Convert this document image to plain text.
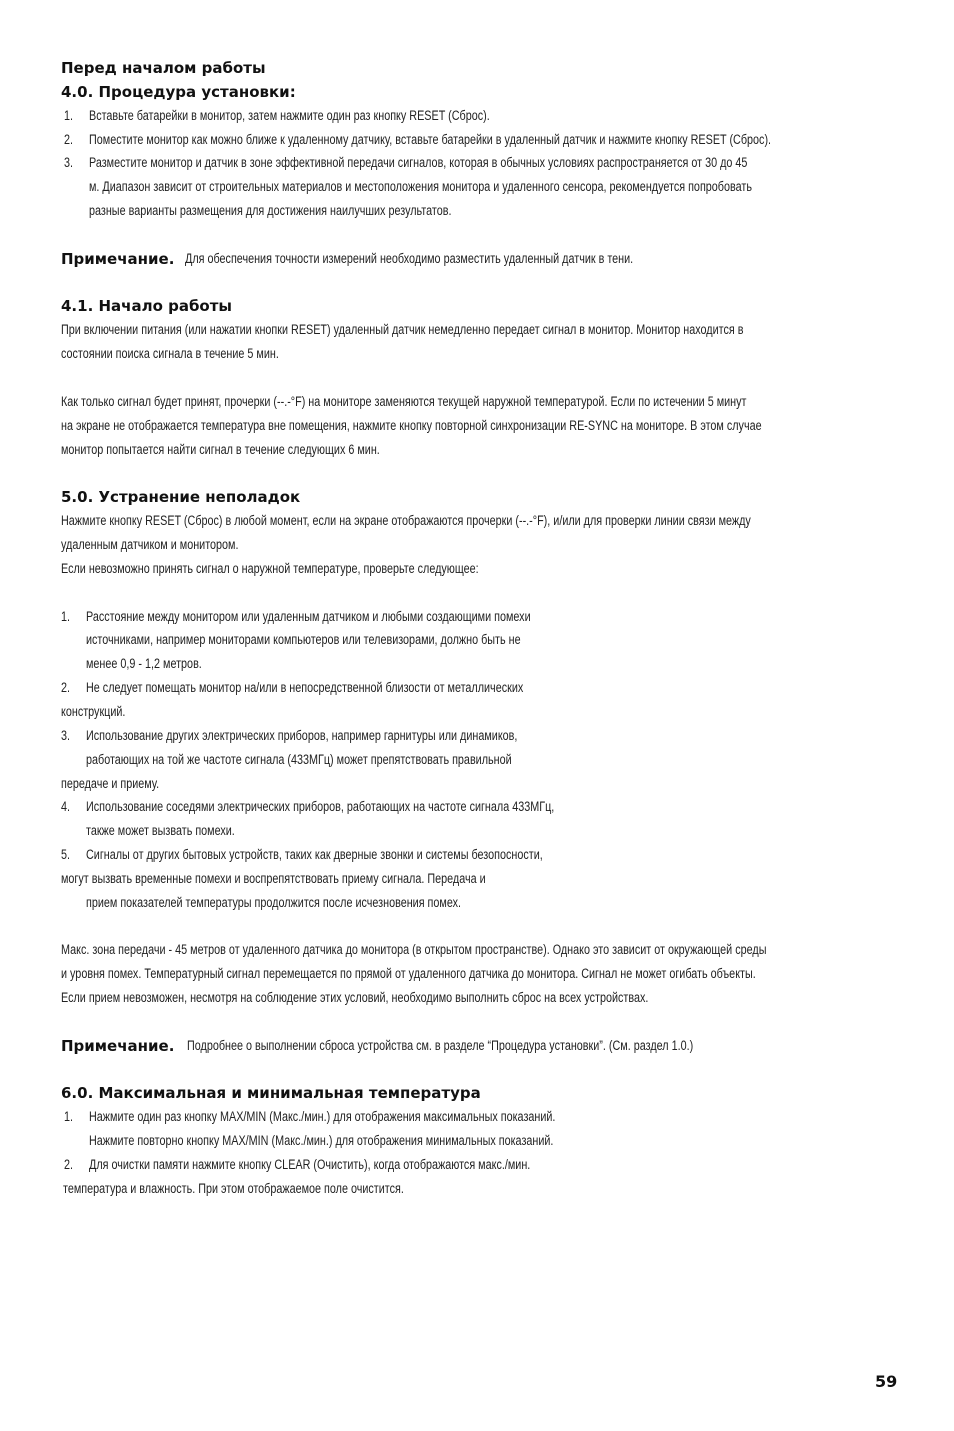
Перед началом работы
4.0. Процедура установки:
1. Вставьте батарейки в монитор, затем нажмите один раз кнопку RESET (Сброс).
2. Поместите монитор как можно ближе к удаленному датчику, вставьте батарейки в удаленный датчик и нажмите кнопку RESET (Сброс).
3. Разместите монитор и датчик в зоне эффективной передачи сигналов, которая в обычных условиях распространяется от 30 до 45
м. Диапазон зависит от строительных материалов и местоположения монитора и удаленного сенсора, рекомендуется попробовать
разные варианты размещения для достижения наилучших результатов.
Примечание. Для обеспечения точности измерений необходимо разместить удаленный датчик в тени.
4.1. Начало работы
При включении питания (или нажатии кнопки RESET) удаленный датчик немедленно передает сигнал в монитор. Монитор находится в
состоянии поиска сигнала в течение 5 мин.
Как только сигнал будет принят, прочерки (--.-°F) на мониторе заменяются текущей наружной температурой. Если по истечении 5 минут
на экране не отображается температура вне помещения, нажмите кнопку повторной синхронизации RE-SYNC на мониторе. В этом случае
монитор попытается найти сигнал в течение следующих 6 мин.
5.0. Устранение неполадок
Нажмите кнопку RESET (Сброс) в любой момент, если на экране отображаются прочерки (--.-°F), и/или для проверки линии связи между
удаленным датчиком и монитором.
Если невозможно принять сигнал о наружной температуре, проверьте следующее:
1. Расстояние между монитором или удаленным датчиком и любыми создающими помехи
источниками, например мониторами компьютеров или телевизорами, должно быть не
менее 0,9 - 1,2 метров.
2. Не следует помещать монитор на/или в непосредственной близости от металлических
конструкций.
3. Использование других электрических приборов, например гарнитуры или динамиков,
работающих на той же частоте сигнала (433МГц) может препятствовать правильной
передаче и приему.
4. Использование соседями электрических приборов, работающих на частоте сигнала 433МГц,
также может вызвать помехи.
5. Сигналы от других бытовых устройств, таких как дверные звонки и системы безопосности,
могут вызвать временные помехи и воспрепятствовать приему сигнала. Передача и
прием показателей температуры продолжится после исчезновения помех.
Макс. зона передачи - 45 метров от удаленного датчика до монитора (в открытом пространстве). Однако это зависит от окружающей среды
и уровня помех. Температурный сигнал перемещается по прямой от удаленного датчика до монитора. Сигнал не может огибать объекты.
Если прием невозможен, несмотря на соблюдение этих условий, необходимо выполнить сброс на всех устройствах.
Примечание. Подробнее о выполнении сброса устройства см. в разделе “Процедура установки”. (См. раздел 1.0.)
6.0. Максимальная и минимальная температура
1. Нажмите один раз кнопку MAX/MIN (Макс./мин.) для отображения максимальных показаний.
Нажмите повторно кнопку MAX/MIN (Макс./мин.) для отображения минимальных показаний.
2. Для очистки памяти нажмите кнопку CLEAR (Очистить), когда отображаются макс./мин.
температура и влажность. При этом отображаемое поле очистится.
59
